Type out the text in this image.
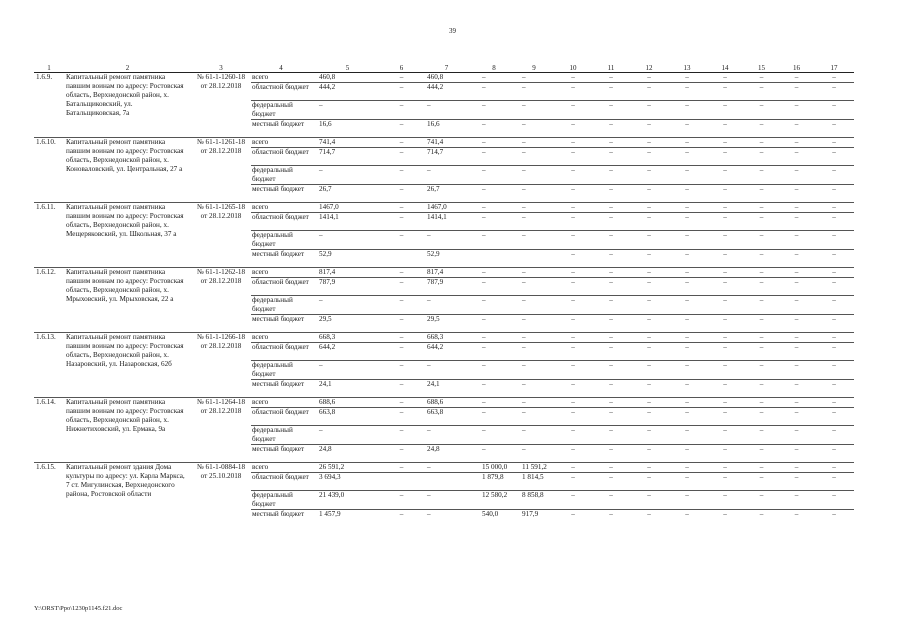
39
1	2	3	4	5	6	7	8	9	10	11	12	13	14	15	16	17
1.6.9.	Капитальный ремонт памятника павшим воинам по адресу: Ростовская область, Верхнедонской район, х. Батальщиковский, ул. Батальщиковская, 7а	№ 61-1-1260-18 от 28.12.2018	всего	460,8	–	460,8	–	–	–	–	–	–	–	–	–	–
			областной бюджет	444,2	–	444,2	–	–	–	–	–	–	–	–	–	–
			федеральный бюджет	–	–	–	–	–	–	–	–	–	–	–	–	–
			местный бюджет	16,6	–	16,6	–	–	–	–	–	–	–	–	–	–
1.6.10.	Капитальный ремонт памятника павшим воинам по адресу: Ростовская область, Верхнедонской район, х. Коноваловский, ул. Центральная, 27 а	№ 61-1-1261-18 от 28.12.2018	всего	741,4	–	741,4	–	–	–	–	–	–	–	–	–	–
			областной бюджет	714,7	–	714,7	–	–	–	–	–	–	–	–	–	–
			федеральный бюджет	–	–	–	–	–	–	–	–	–	–	–	–	–
			местный бюджет	26,7	–	26,7	–	–	–	–	–	–	–	–	–	–
1.6.11.	Капитальный ремонт памятника павшим воинам по адресу: Ростовская область, Верхнедонской район, х. Мещеряковский, ул. Школьная, 37 а	№ 61-1-1265-18 от 28.12.2018	всего	1467,0	–	1467,0	–	–	–	–	–	–	–	–	–	–
			областной бюджет	1414,1	–	1414,1	–	–	–	–	–	–	–	–	–	–
			федеральный бюджет	–	–	–	–	–	–	–	–	–	–	–	–	–
			местный бюджет	52,9		52,9			–	–	–	–	–	–	–	–
1.6.12.	Капитальный ремонт памятника павшим воинам по адресу: Ростовская область, Верхнедонской район, х. Мрыховский, ул. Мрыховская, 22 а	№ 61-1-1262-18 от 28.12.2018	всего	817,4	–	817,4	–	–	–	–	–	–	–	–	–	–
			областной бюджет	787,9	–	787,9	–	–	–	–	–	–	–	–	–	–
			федеральный бюджет	–	–	–	–	–	–	–	–	–	–	–	–	–
			местный бюджет	29,5	–	29,5	–	–	–	–	–	–	–	–	–	–
1.6.13.	Капитальный ремонт памятника павшим воинам по адресу: Ростовская область, Верхнедонской район, х. Назаровский, ул. Назаровская, 62б	№ 61-1-1266-18 от 28.12.2018	всего	668,3	–	668,3	–	–	–	–	–	–	–	–	–	–
			областной бюджет	644,2	–	644,2	–	–	–	–	–	–	–	–	–	–
			федеральный бюджет	–	–	–	–	–	–	–	–	–	–	–	–	–
			местный бюджет	24,1	–	24,1	–	–	–	–	–	–	–	–	–	–
1.6.14.	Капитальный ремонт памятника павшим воинам по адресу: Ростовская область, Верхнедонской район, х. Нижнетиховский, ул. Ермака, 9а	№ 61-1-1264-18 от 28.12.2018	всего	688,6	–	688,6	–	–	–	–	–	–	–	–	–	–
			областной бюджет	663,8	–	663,8	–	–	–	–	–	–	–	–	–	–
			федеральный бюджет	–	–	–	–	–	–	–	–	–	–	–	–	–
			местный бюджет	24,8	–	24,8	–	–	–	–	–	–	–	–	–	–
1.6.15.	Капитальный ремонт здания Дома культуры по адресу: ул. Карла Маркса, 7 ст. Мигулинская, Верхнедонского района, Ростовской области	№ 61-1-0884-18 от 25.10.2018	всего	26 591,2	–	–	15 000,0	11 591,2	–	–	–	–	–	–	–	–
			областной бюджет	3 694,3			1 879,8	1 814,5	–	–	–	–	–	–	–	–
			федеральный бюджет	21 439,0	–	–	12 580,2	8 858,8	–	–	–	–	–	–	–	–
			местный бюджет	1 457,9	–	–	540,0	917,9	–	–	–	–	–	–	–	–
Y:\ORST\Ppo\1230p1145.f21.doc
